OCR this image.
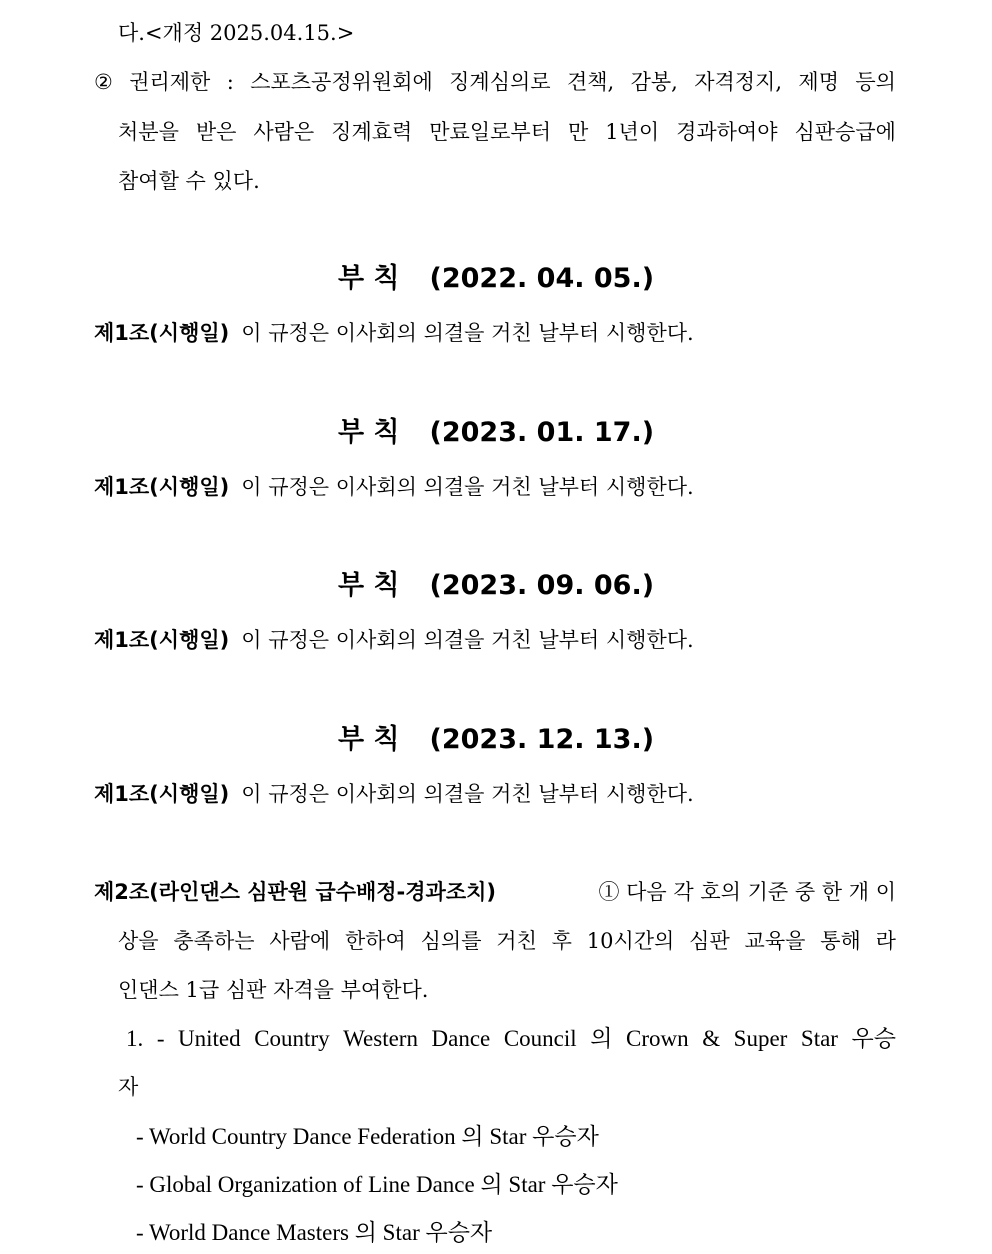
다.<개정 2025.04.15.>
② 권리제한 : 스포츠공정위원회에 징계심의로 견책, 감봉, 자격정지, 제명 등의
처분을 받은 사람은 징계효력 만료일로부터 만 1년이 경과하여야 심판승급에
참여할 수 있다.
부 칙 (2022. 04. 05.)
제1조(시행일) 이 규정은 이사회의 의결을 거친 날부터 시행한다.
부 칙 (2023. 01. 17.)
제1조(시행일) 이 규정은 이사회의 의결을 거친 날부터 시행한다.
부 칙 (2023. 09. 06.)
제1조(시행일) 이 규정은 이사회의 의결을 거친 날부터 시행한다.
부 칙 (2023. 12. 13.)
제1조(시행일) 이 규정은 이사회의 의결을 거친 날부터 시행한다.
제2조(라인댄스 심판원 급수배정-경과조치)	① 다음 각 호의 기준 중 한 개 이
상을 충족하는 사람에 한하여 심의를 거친 후 10시간의 심판 교육을 통해 라
인댄스 1급 심판 자격을 부여한다.
1. - United Country Western Dance Council 의 Crown & Super Star 우승
자
- World Country Dance Federation 의 Star 우승자
- Global Organization of Line Dance 의 Star 우승자
- World Dance Masters 의 Star 우승자
